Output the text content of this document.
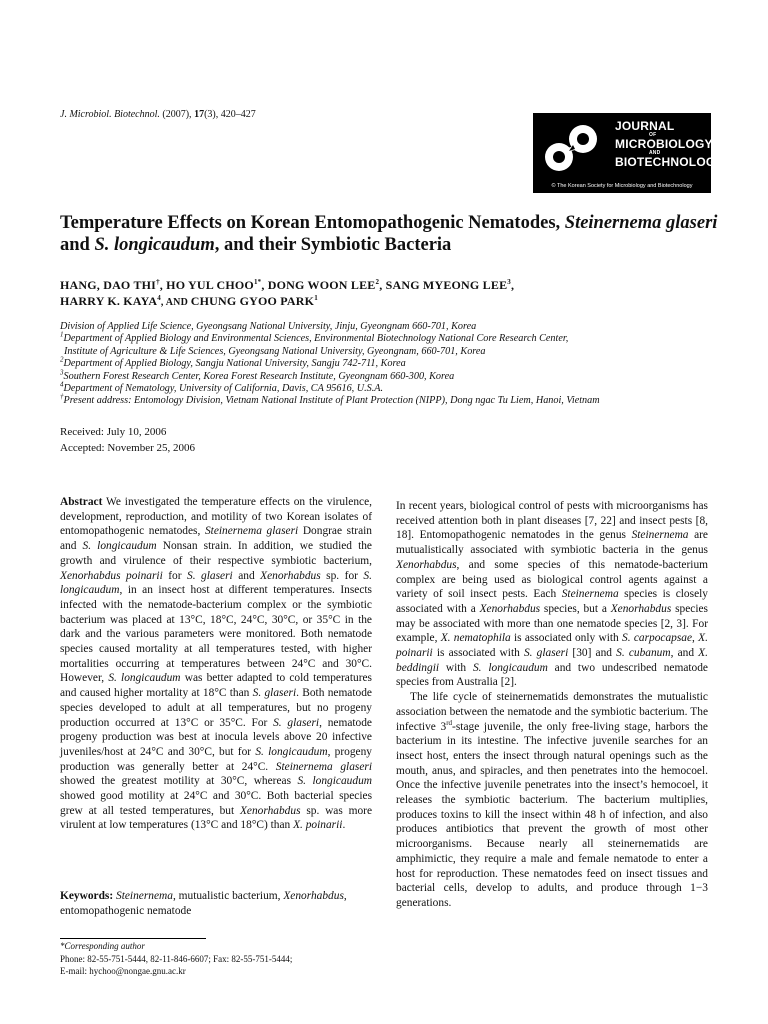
J. Microbiol. Biotechnol. (2007), 17(3), 420–427
JOURNAL
OF
MICROBIOLOGY
AND
BIOTECHNOLOGY
© The Korean Society for Microbiology and Biotechnology
Temperature Effects on Korean Entomopathogenic Nematodes, Steinernema glaseri and S. longicaudum, and their Symbiotic Bacteria
HANG, DAO THI†, HO YUL $CHOO^{1*}$, DONG WOON LEE$^2$, SANG MYEONG LEE$^3$,
HARRY K. KAYA$^4$, AND CHUNG GYOO PARK$^1$
Division of Applied Life Science, Gyeongsang National University, Jinju, Gyeongnam 660-701, Korea
$^1$Department of Applied Biology and Environmental Sciences, Environmental Biotechnology National Core Research Center,
Institute of Agriculture & Life Sciences, Gyeongsang National University, Gyeongnam, 660-701, Korea
$^2$Department of Applied Biology, Sangju National University, Sangju 742-711, Korea
$^3$Southern Forest Research Center, Korea Forest Research Institute, Gyeongnam 660-300, Korea
$^4$Department of Nematology, University of California, Davis, CA 95616, U.S.A.
†Present address: Entomology Division, Vietnam National Institute of Plant Protection (NIPP), Dong ngac Tu Liem, Hanoi, Vietnam
Received: July 10, 2006
Accepted: November 25, 2006
Abstract We investigated the temperature effects on the virulence, development, reproduction, and motility of two Korean isolates of entomopathogenic nematodes, Steinernema glaseri Dongrae strain and S. longicaudum Nonsan strain. In addition, we studied the growth and virulence of their respective symbiotic bacterium, Xenorhabdus poinarii for S. glaseri and Xenorhabdus sp. for S. longicaudum, in an insect host at different temperatures. Insects infected with the nematode-bacterium complex or the symbiotic bacterium was placed at 13°C, 18°C, 24°C, 30°C, or 35°C in the dark and the various parameters were monitored. Both nematode species caused mortality at all temperatures tested, with higher mortalities occurring at temperatures between 24°C and 30°C. However, S. longicaudum was better adapted to cold temperatures and caused higher mortality at 18°C than S. glaseri. Both nematode species developed to adult at all temperatures, but no progeny production occurred at 13°C or 35°C. For S. glaseri, nematode progeny production was best at inocula levels above 20 infective juveniles/host at 24°C and 30°C, but for S. longicaudum, progeny production was generally better at 24°C. Steinernema glaseri showed the greatest motility at 30°C, whereas S. longicaudum showed good motility at 24°C and 30°C. Both bacterial species grew at all tested temperatures, but Xenorhabdus sp. was more virulent at low temperatures (13°C and 18°C) than X. poinarii.
Keywords: Steinernema, mutualistic bacterium, Xenorhabdus, entomopathogenic nematode
*Corresponding author
Phone: 82-55-751-5444, 82-11-846-6607; Fax: 82-55-751-5444;
E-mail: hychoo@nongae.gnu.ac.kr

In recent years, biological control of pests with microorganisms has received attention both in plant diseases [7, 22] and insect pests [8, 18]. Entomopathogenic nematodes in the genus Steinernema are mutualistically associated with symbiotic bacteria in the genus Xenorhabdus, and some species of this nematode-bacterium complex are being used as biological control agents against a variety of soil insect pests. Each Steinernema species is closely associated with a Xenorhabdus species, but a Xenorhabdus species may be associated with more than one nematode species [2, 3]. For example, X. nematophila is associated only with S. carpocapsae, X. poinarii is associated with S. glaseri [30] and S. cubanum, and X. beddingii with S. longicaudum and two undescribed nematode species from Australia [2].

The life cycle of steinernematids demonstrates the mutualistic association between the nematode and the symbiotic bacterium. The infective 3rd-stage juvenile, the only free-living stage, harbors the bacterium in its intestine. The infective juvenile searches for an insect host, enters the insect through natural openings such as the mouth, anus, and spiracles, and then penetrates into the hemocoel. Once the infective juvenile penetrates into the insect’s hemocoel, it releases the symbiotic bacterium. The bacterium multiplies, produces toxins to kill the insect within 48 h of infection, and also produces antibiotics that prevent the growth of most other microorganisms. Because nearly all steinernematids are amphimictic, they require a male and female nematode to enter a host for reproduction. These nematodes feed on insect tissues and bacterial cells, develop to adults, and produce through 1−3 generations.
